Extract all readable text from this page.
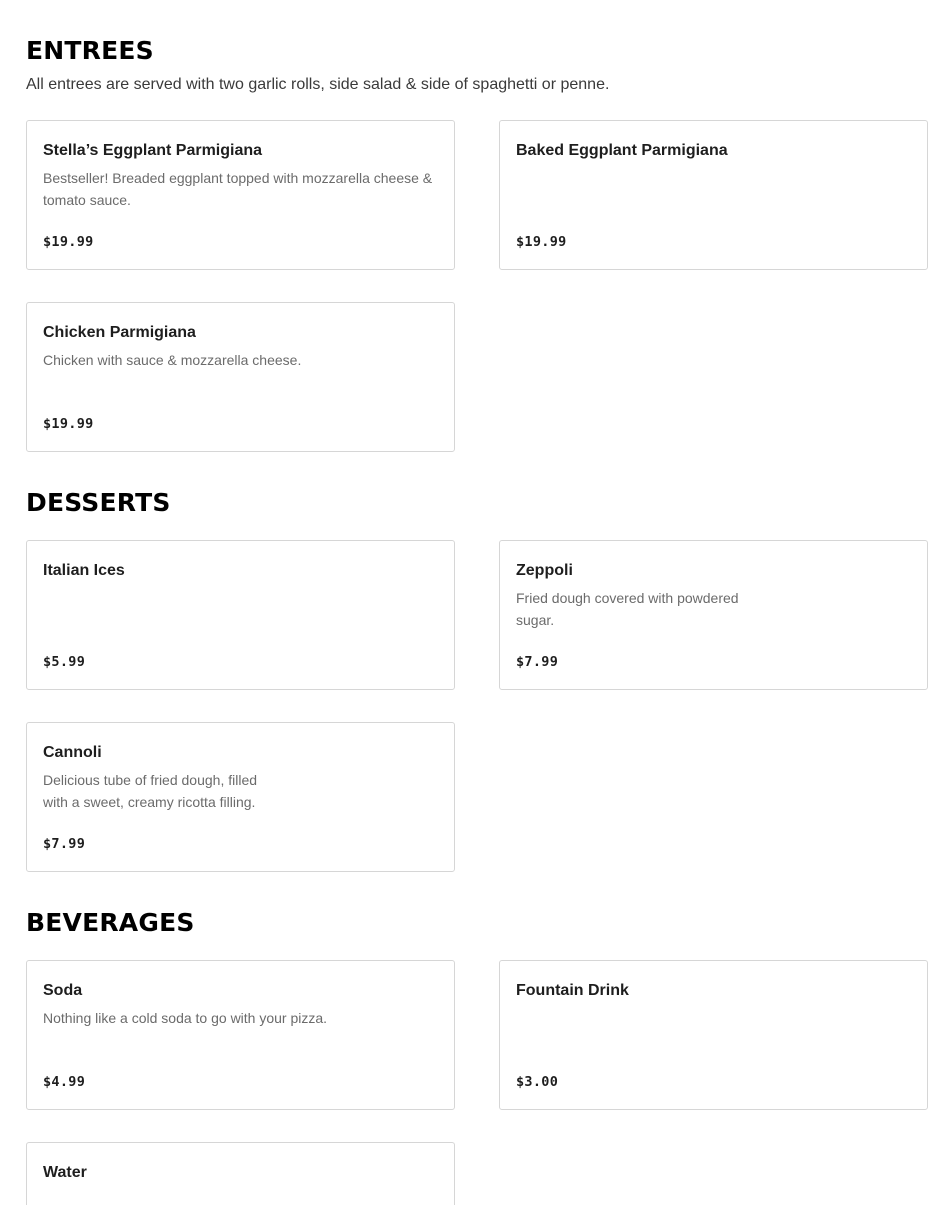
ENTREES

All entrees are served with two garlic rolls, side salad & side of spaghetti or penne.

Stella’s Eggplant Parmigiana
Bestseller! Breaded eggplant topped with mozzarella cheese & tomato sauce.
$19.99
Baked Eggplant Parmigiana
$19.99
Chicken Parmigiana
Chicken with sauce & mozzarella cheese.
$19.99
DESSERTS
Italian Ices
$5.99
Zeppoli
Fried dough covered with powdered sugar.
$7.99
Cannoli
Delicious tube of fried dough, filled with a sweet, creamy ricotta filling.
$7.99
BEVERAGES
Soda
Nothing like a cold soda to go with your pizza.
$4.99
Fountain Drink
$3.00
Water
